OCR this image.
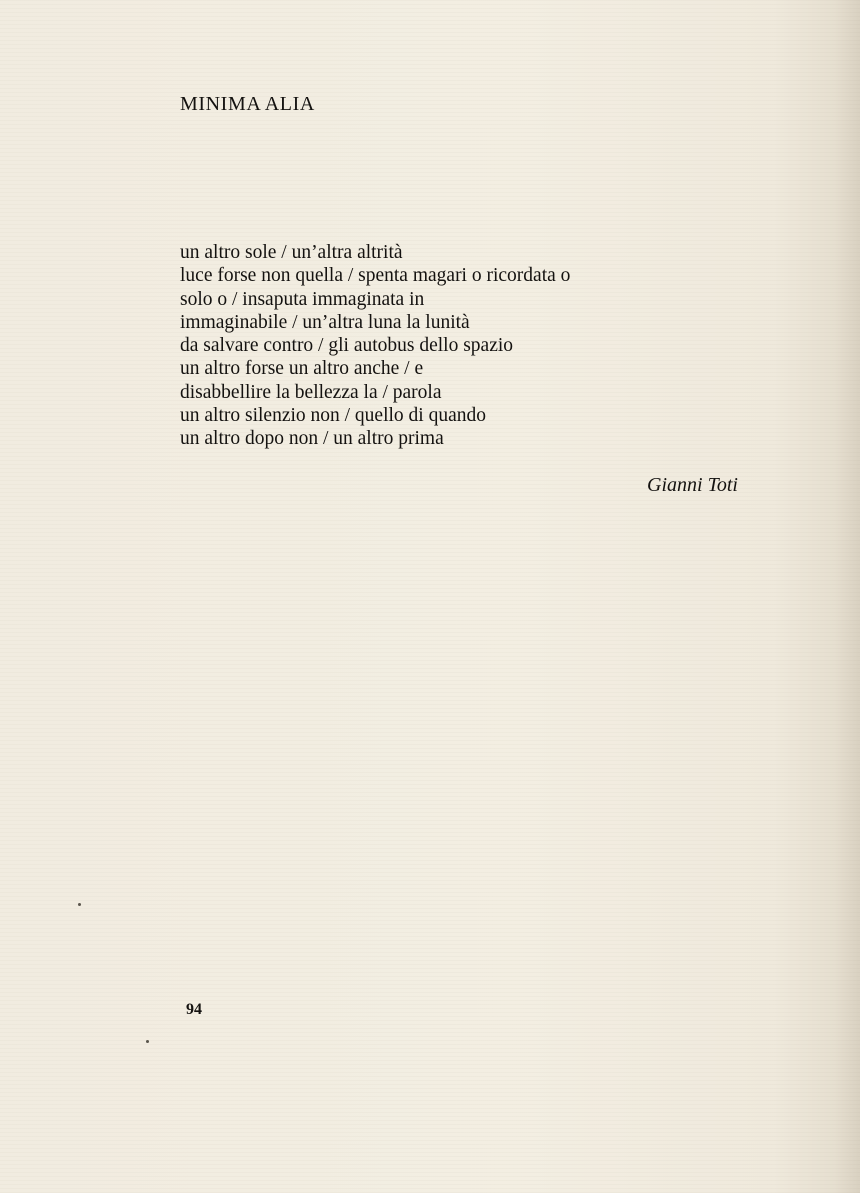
MINIMA ALIA
un altro sole / un’altra altrità
luce forse non quella / spenta magari o ricordata o
solo o / insaputa immaginata in
immaginabile / un’altra luna la lunità
da salvare contro / gli autobus dello spazio
un altro forse un altro anche / e
disabbellire la bellezza la / parola
un altro silenzio non / quello di quando
un altro dopo non / un altro prima
Gianni Toti
94
